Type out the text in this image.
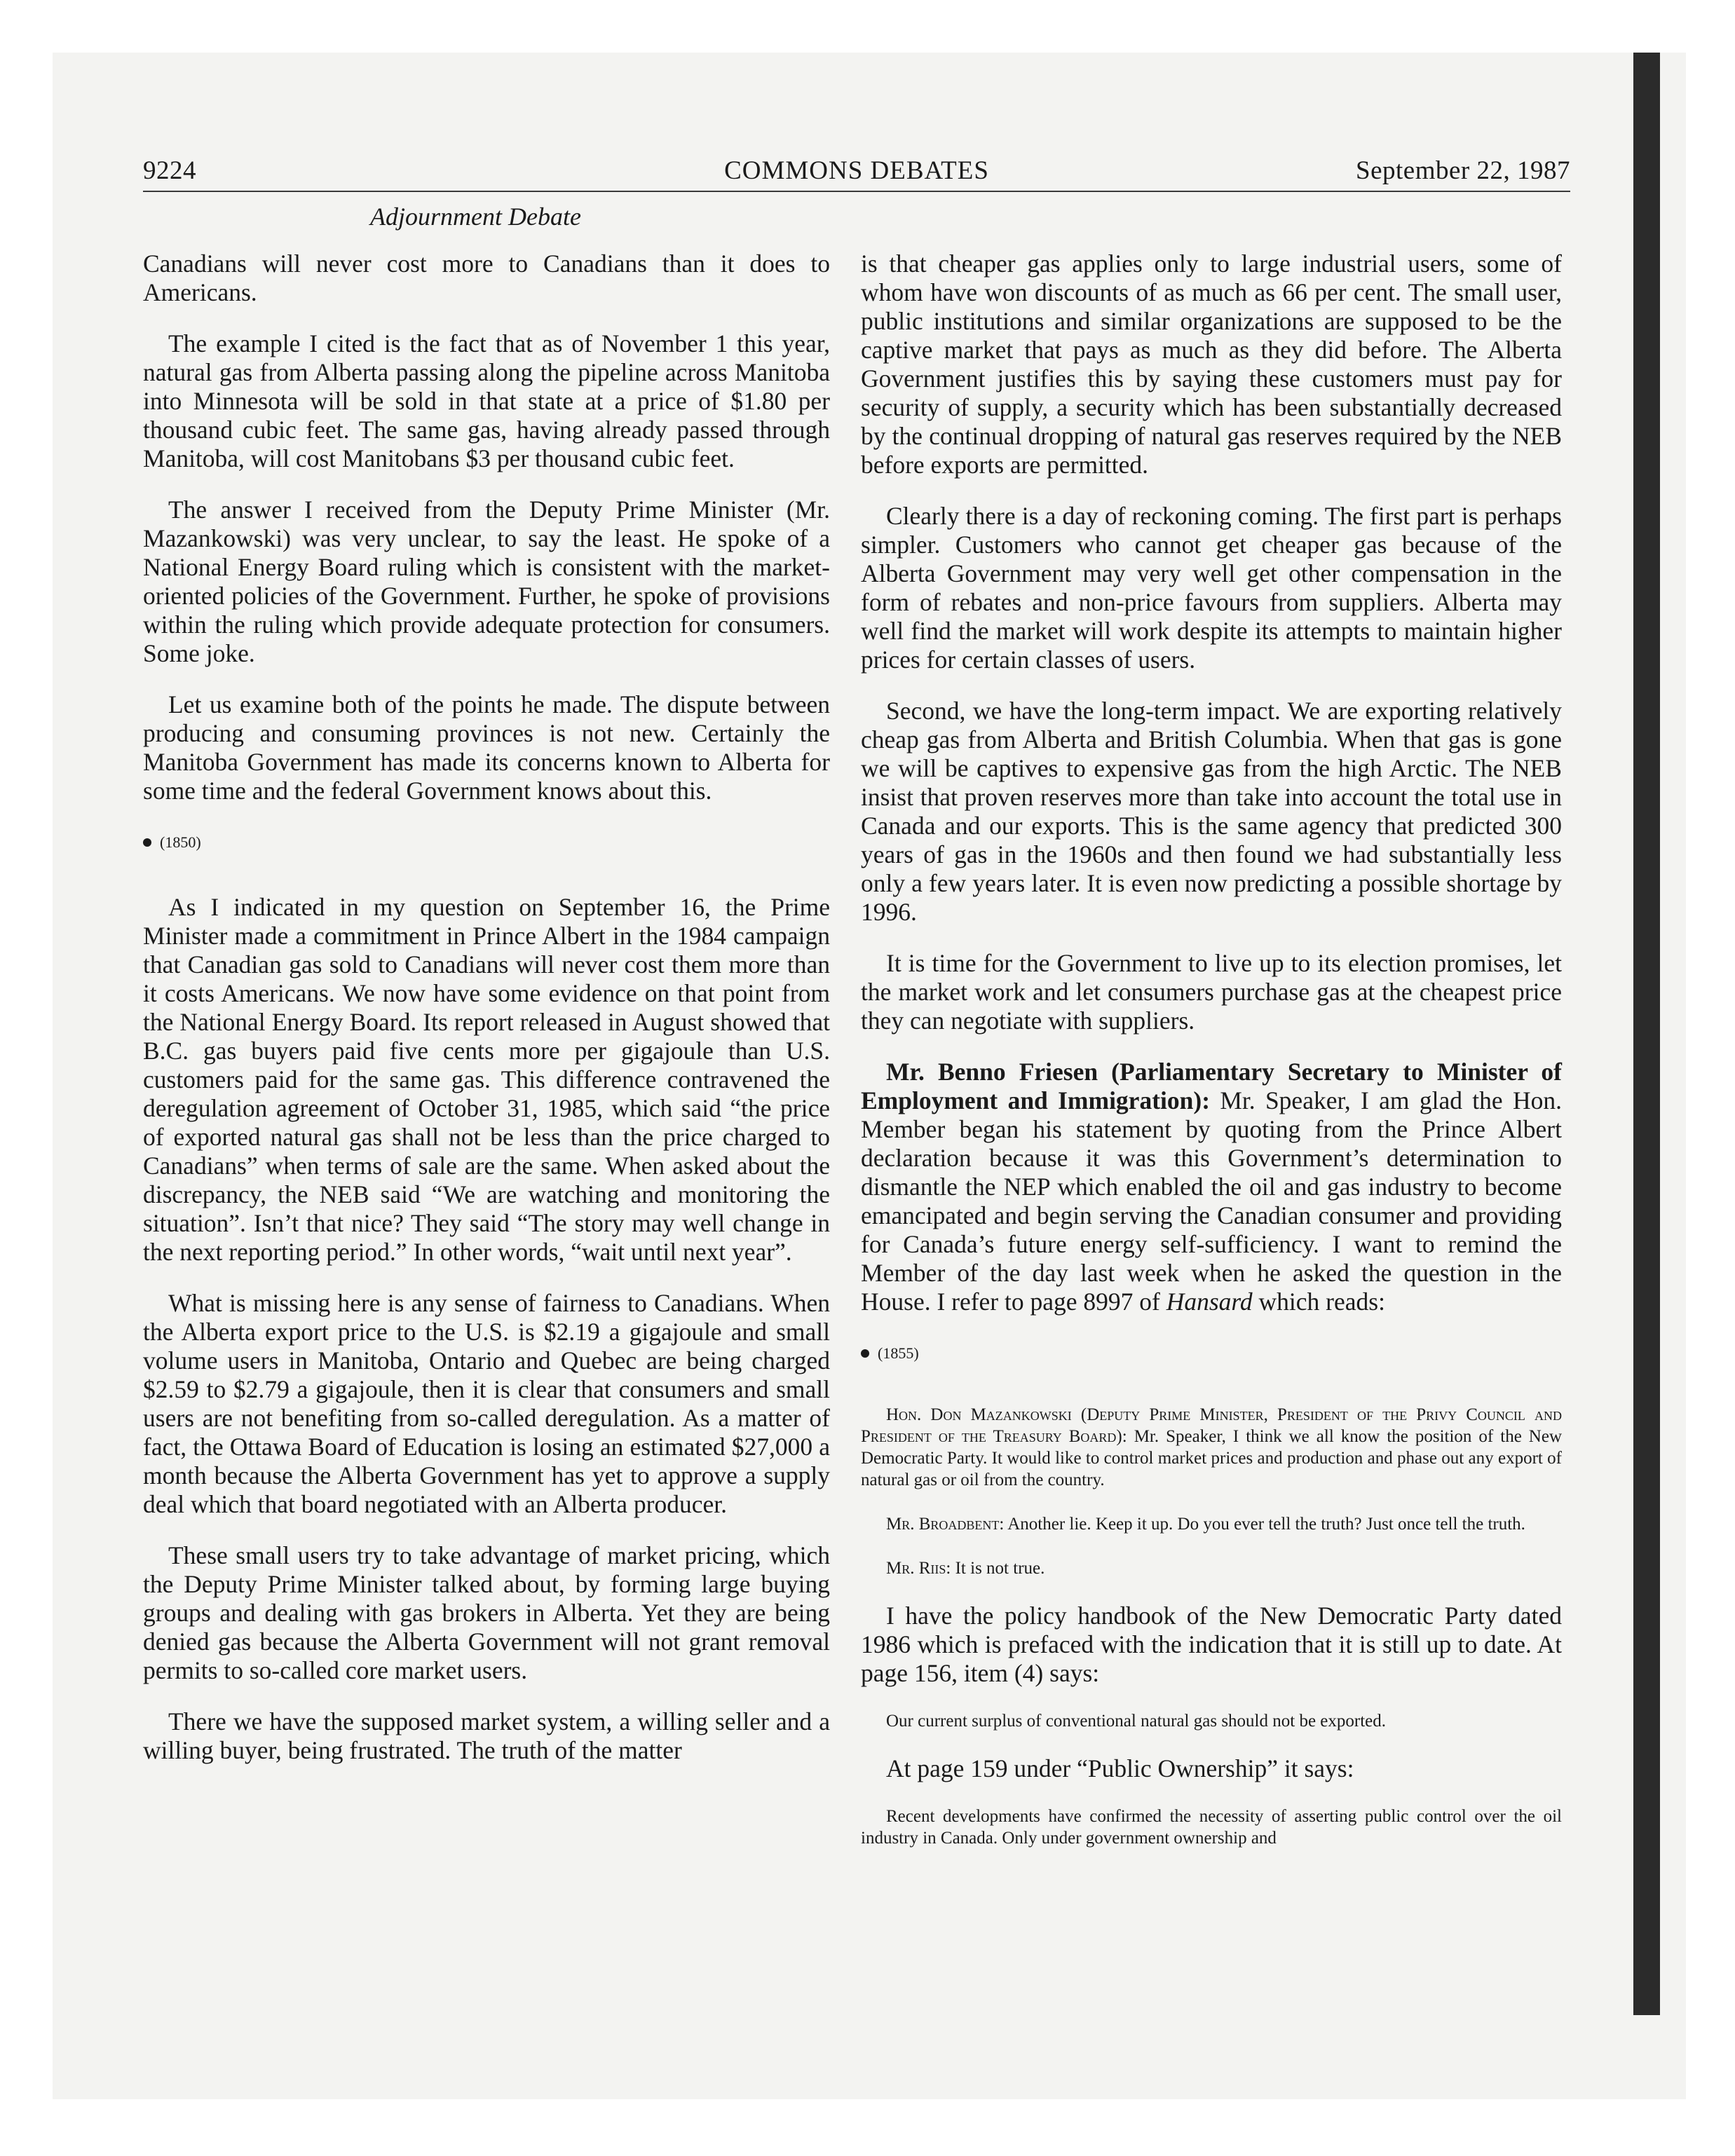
9224	COMMONS DEBATES	September 22, 1987
Adjournment Debate

Canadians will never cost more to Canadians than it does to Americans.

The example I cited is the fact that as of November 1 this year, natural gas from Alberta passing along the pipeline across Manitoba into Minnesota will be sold in that state at a price of $1.80 per thousand cubic feet. The same gas, having already passed through Manitoba, will cost Manitobans $3 per thousand cubic feet.

The answer I received from the Deputy Prime Minister (Mr. Mazankowski) was very unclear, to say the least. He spoke of a National Energy Board ruling which is consistent with the market-oriented policies of the Government. Further, he spoke of provisions within the ruling which provide adequate protection for consumers. Some joke.

Let us examine both of the points he made. The dispute between producing and consuming provinces is not new. Certainly the Manitoba Government has made its concerns known to Alberta for some time and the federal Government knows about this.

(1850)

As I indicated in my question on September 16, the Prime Minister made a commitment in Prince Albert in the 1984 campaign that Canadian gas sold to Canadians will never cost them more than it costs Americans. We now have some evidence on that point from the National Energy Board. Its report released in August showed that B.C. gas buyers paid five cents more per gigajoule than U.S. customers paid for the same gas. This difference contravened the deregulation agreement of October 31, 1985, which said “the price of exported natural gas shall not be less than the price charged to Canadians” when terms of sale are the same. When asked about the discrepancy, the NEB said “We are watching and monitoring the situation”. Isn’t that nice? They said “The story may well change in the next reporting period.” In other words, “wait until next year”.

What is missing here is any sense of fairness to Canadians. When the Alberta export price to the U.S. is $2.19 a gigajoule and small volume users in Manitoba, Ontario and Quebec are being charged $2.59 to $2.79 a gigajoule, then it is clear that consumers and small users are not benefiting from so-called deregulation. As a matter of fact, the Ottawa Board of Education is losing an estimated $27,000 a month because the Alberta Government has yet to approve a supply deal which that board negotiated with an Alberta producer.

These small users try to take advantage of market pricing, which the Deputy Prime Minister talked about, by forming large buying groups and dealing with gas brokers in Alberta. Yet they are being denied gas because the Alberta Government will not grant removal permits to so-called core market users.

There we have the supposed market system, a willing seller and a willing buyer, being frustrated. The truth of the matter

is that cheaper gas applies only to large industrial users, some of whom have won discounts of as much as 66 per cent. The small user, public institutions and similar organizations are supposed to be the captive market that pays as much as they did before. The Alberta Government justifies this by saying these customers must pay for security of supply, a security which has been substantially decreased by the continual dropping of natural gas reserves required by the NEB before exports are permitted.

Clearly there is a day of reckoning coming. The first part is perhaps simpler. Customers who cannot get cheaper gas because of the Alberta Government may very well get other compensation in the form of rebates and non-price favours from suppliers. Alberta may well find the market will work despite its attempts to maintain higher prices for certain classes of users.

Second, we have the long-term impact. We are exporting relatively cheap gas from Alberta and British Columbia. When that gas is gone we will be captives to expensive gas from the high Arctic. The NEB insist that proven reserves more than take into account the total use in Canada and our exports. This is the same agency that predicted 300 years of gas in the 1960s and then found we had substantially less only a few years later. It is even now predicting a possible shortage by 1996.

It is time for the Government to live up to its election promises, let the market work and let consumers purchase gas at the cheapest price they can negotiate with suppliers.

Mr. Benno Friesen (Parliamentary Secretary to Minister of Employment and Immigration): Mr. Speaker, I am glad the Hon. Member began his statement by quoting from the Prince Albert declaration because it was this Government’s determination to dismantle the NEP which enabled the oil and gas industry to become emancipated and begin serving the Canadian consumer and providing for Canada’s future energy self-sufficiency. I want to remind the Member of the day last week when he asked the question in the House. I refer to page 8997 of Hansard which reads:

(1855)

Hon. Don Mazankowski (Deputy Prime Minister, President of the Privy Council and President of the Treasury Board): Mr. Speaker, I think we all know the position of the New Democratic Party. It would like to control market prices and production and phase out any export of natural gas or oil from the country.

Mr. Broadbent: Another lie. Keep it up. Do you ever tell the truth? Just once tell the truth.

Mr. Riis: It is not true.

I have the policy handbook of the New Democratic Party dated 1986 which is prefaced with the indication that it is still up to date. At page 156, item (4) says:

Our current surplus of conventional natural gas should not be exported.

At page 159 under “Public Ownership” it says:

Recent developments have confirmed the necessity of asserting public control over the oil industry in Canada. Only under government ownership and
